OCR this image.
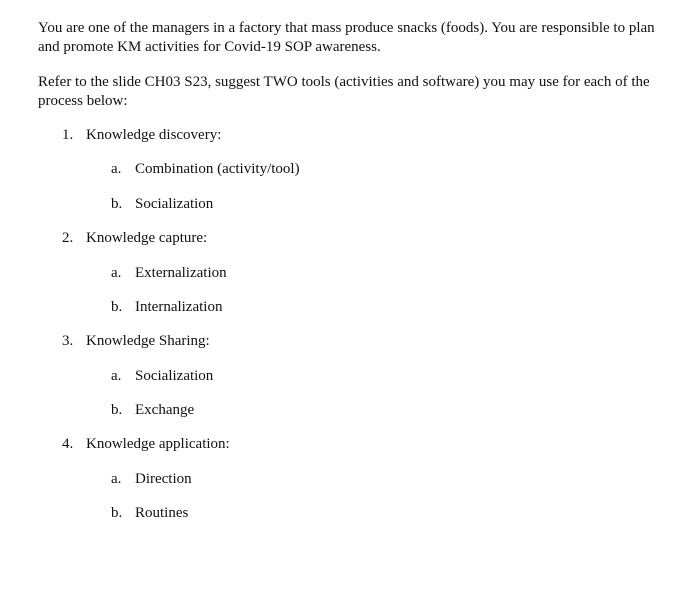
You are one of the managers in a factory that mass produce snacks (foods). You are responsible to plan and promote KM activities for Covid-19 SOP awareness.

Refer to the slide CH03 S23, suggest TWO tools (activities and software) you may use for each of the process below:

1. Knowledge discovery:
a. Combination (activity/tool)
b. Socialization
2. Knowledge capture:
a. Externalization
b. Internalization
3. Knowledge Sharing:
a. Socialization
b. Exchange
4. Knowledge application:
a. Direction
b. Routines
